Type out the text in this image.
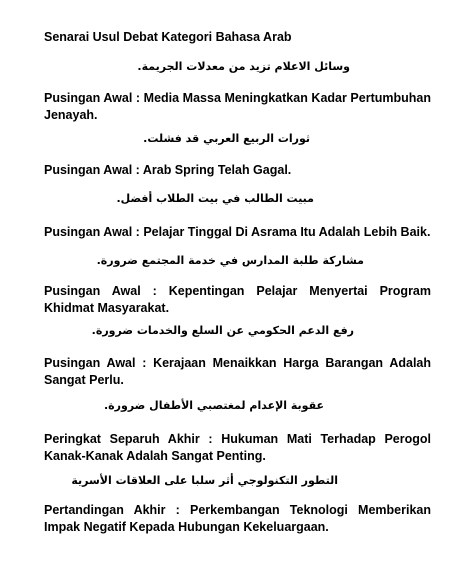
Senarai Usul Debat Kategori Bahasa Arab
وسائل الاعلام تزيد من معدلات الجريمة.
Pusingan Awal : Media Massa Meningkatkan Kadar Pertumbuhan Jenayah.
ثورات الربيع العربي قد فشلت.
Pusingan Awal : Arab Spring Telah Gagal.
مبيت الطالب في بيت الطلاب أفضل.
Pusingan Awal : Pelajar Tinggal Di Asrama Itu Adalah Lebih Baik.
مشاركة طلبة المدارس في خدمة المجتمع ضرورة.
Pusingan Awal : Kepentingan Pelajar Menyertai Program Khidmat Masyarakat.
رفع الدعم الحكومي عن السلع والخدمات ضرورة.
Pusingan Awal : Kerajaan Menaikkan Harga Barangan Adalah Sangat Perlu.
عقوبة الإعدام لمغتصبي الأطفال ضرورة.
Peringkat Separuh Akhir : Hukuman Mati Terhadap Perogol Kanak-Kanak Adalah Sangat Penting.
التطور التكنولوجي أثر سلبا على العلاقات الأسرية
Pertandingan Akhir : Perkembangan Teknologi Memberikan Impak Negatif Kepada Hubungan Kekeluargaan.
